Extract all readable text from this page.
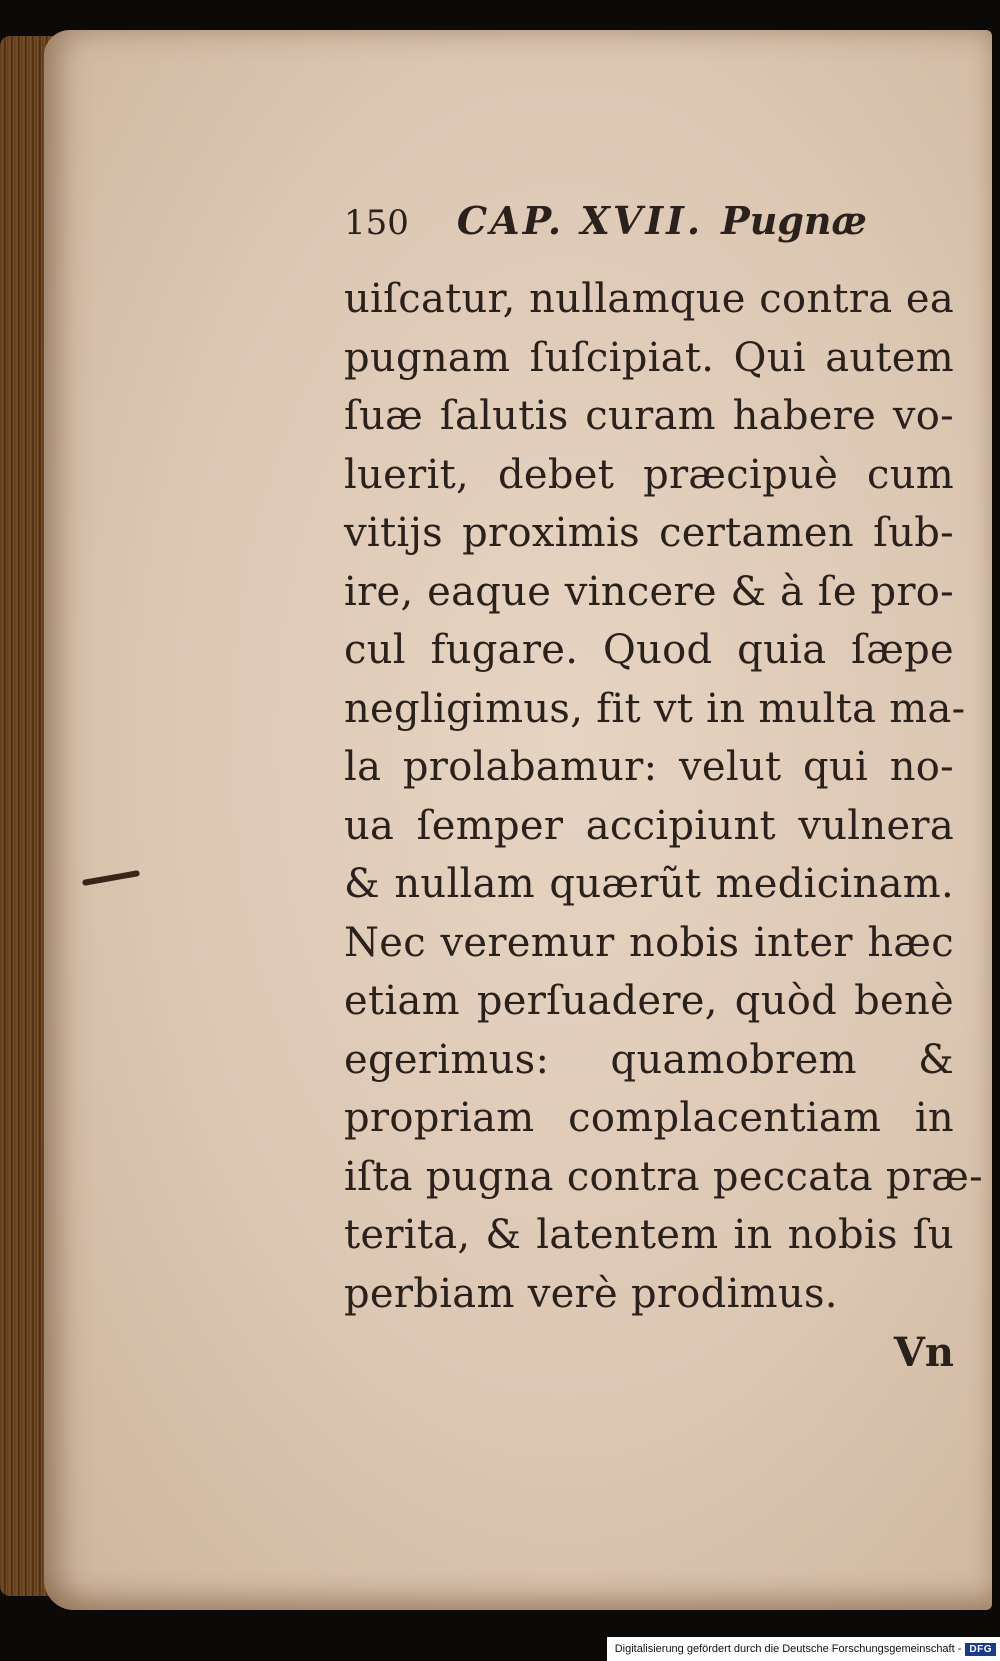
150 CAP. XVII. Pugnæ
uiſcatur, nullamque contra ea
pugnam ſuſcipiat. Qui autem
ſuæ ſalutis curam habere vo-
luerit, debet præcipuè cum
vitijs proximis certamen ſub-
ire, eaque vincere & à ſe pro-
cul fugare. Quod quia ſæpe
negligimus, fit vt in multa ma-
la prolabamur: velut qui no-
ua ſemper accipiunt vulnera
& nullam quærũt medicinam.
Nec veremur nobis inter hæc
etiam perſuadere, quòd benè
egerimus: quamobrem &
propriam complacentiam in
iſta pugna contra peccata præ-
terita, & latentem in nobis ſu
perbiam verè prodimus.
Vn
Digitalisierung gefördert durch die Deutsche Forschungsgemeinschaft - DFG
